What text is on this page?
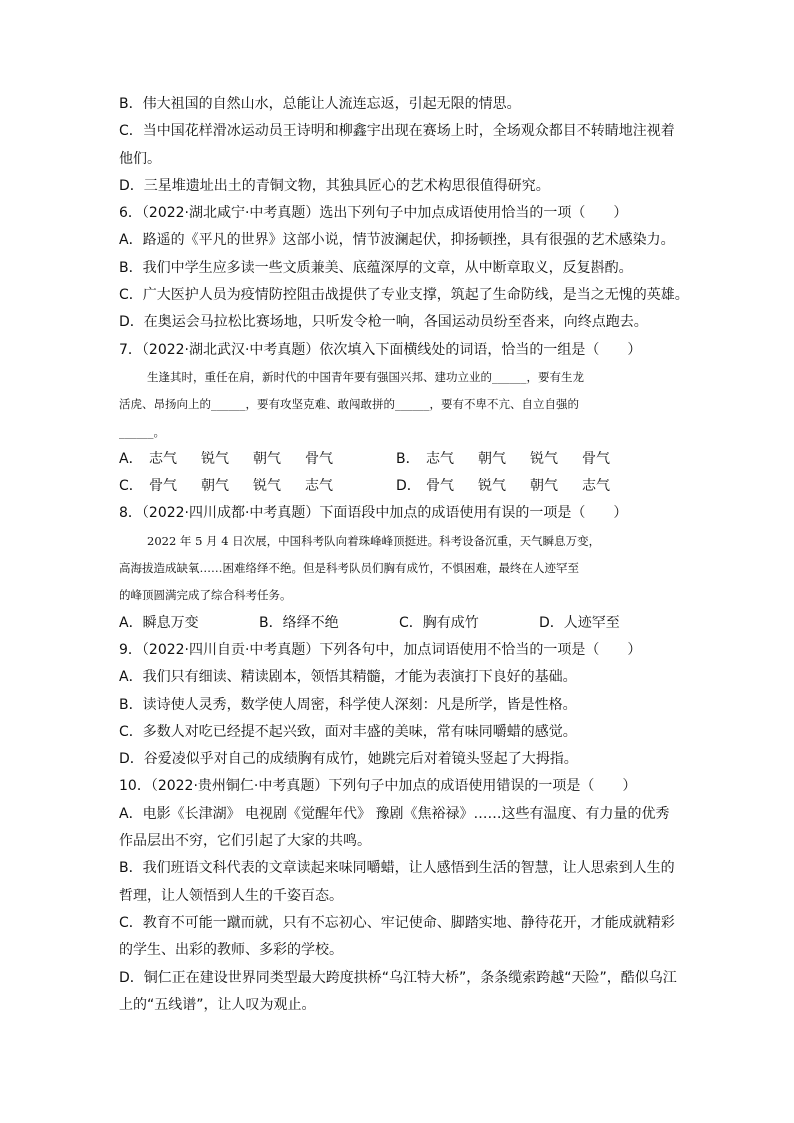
B．伟大祖国的自然山水，总能让人流连忘返，引起无限的情思。
C．当中国花样滑冰运动员王诗明和柳鑫宇出现在赛场上时，全场观众都目不转睛地注视着
他们。
D．三星堆遗址出土的青铜文物，其独具匠心的艺术构思很值得研究。
6．（2022·湖北咸宁·中考真题）选出下列句子中加点成语使用恰当的一项（　　）
A．路遥的《平凡的世界》这部小说，情节波澜起伏，抑扬顿挫，具有很强的艺术感染力。
B．我们中学生应多读一些文质兼美、底蕴深厚的文章，从中断章取义，反复斟酌。
C．广大医护人员为疫情防控阻击战提供了专业支撑，筑起了生命防线，是当之无愧的英雄。
D．在奥运会马拉松比赛场地，只听发令枪一响，各国运动员纷至沓来，向终点跑去。
7．（2022·湖北武汉·中考真题）依次填入下面横线处的词语，恰当的一组是（　　）
生逢其时，重任在肩，新时代的中国青年要有强国兴邦、建功立业的______，要有生龙
活虎、昂扬向上的______，要有攻坚克难、敢闯敢拼的______，要有不卑不亢、自立自强的
______。
A． 志气	锐气	朝气	骨气	B． 志气	朝气	锐气	骨气
C． 骨气	朝气	锐气	志气	D． 骨气	锐气	朝气	志气
8．（2022·四川成都·中考真题）下面语段中加点的成语使用有误的一项是（　　）
2022 年 5 月 4 日次展，中国科考队向着珠峰峰顶挺进。科考设备沉重，天气瞬息万变，
高海拔造成缺氧……困难络绎不绝。但是科考队员们胸有成竹，不惧困难，最终在人迹罕至
的峰顶圆满完成了综合科考任务。
A．瞬息万变	B．络绎不绝	C．胸有成竹	D．人迹罕至
9．（2022·四川自贡·中考真题）下列各句中，加点词语使用不恰当的一项是（　　）
A．我们只有细读、精读剧本，领悟其精髓，才能为表演打下良好的基础。
B．读诗使人灵秀，数学使人周密，科学使人深刻：凡是所学，皆是性格。
C．多数人对吃已经提不起兴致，面对丰盛的美味，常有味同嚼蜡的感觉。
D．谷爱凌似乎对自己的成绩胸有成竹，她跳完后对着镜头竖起了大拇指。
10．（2022·贵州铜仁·中考真题）下列句子中加点的成语使用错误的一项是（　　）
A．电影《长津湖》 电视剧《觉醒年代》 豫剧《焦裕禄》……这些有温度、有力量的优秀
作品层出不穷，它们引起了大家的共鸣。
B．我们班语文科代表的文章读起来味同嚼蜡，让人感悟到生活的智慧，让人思索到人生的
哲理，让人领悟到人生的千姿百态。
C．教育不可能一蹴而就，只有不忘初心、牢记使命、脚踏实地、静待花开，才能成就精彩
的学生、出彩的教师、多彩的学校。
D．铜仁正在建设世界同类型最大跨度拱桥“乌江特大桥”，条条缆索跨越“天险”，酷似乌江
上的“五线谱”，让人叹为观止。
